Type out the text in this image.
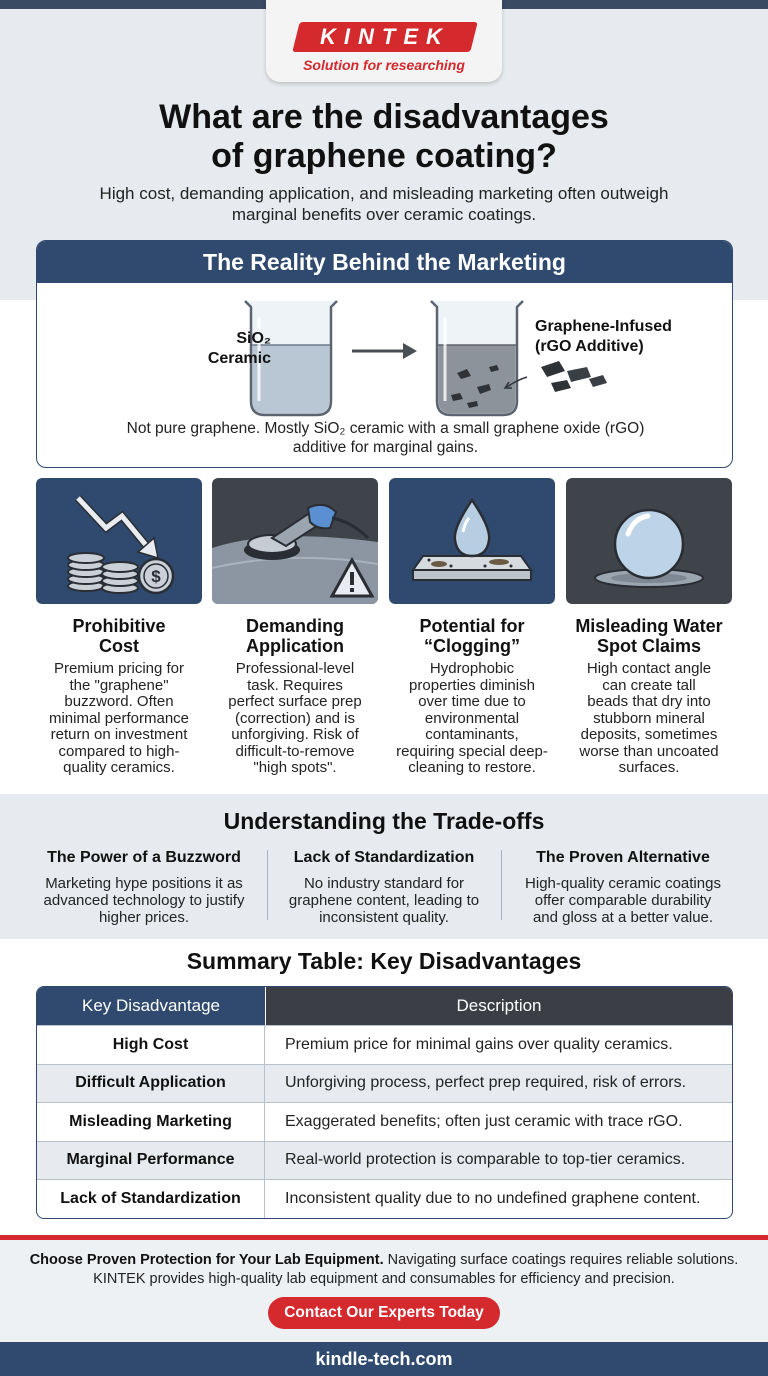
KINTEK
Solution for researching
What are the disadvantages
of graphene coating?
High cost, demanding application, and misleading marketing often outweigh
marginal benefits over ceramic coatings.
The Reality Behind the Marketing
SiO₂
Ceramic
Graphene-Infused
(rGO Additive)
Not pure graphene. Mostly SiO₂ ceramic with a small graphene oxide (rGO)
additive for marginal gains.
$
Prohibitive
Cost
Premium pricing for
the "graphene"
buzzword. Often
minimal performance
return on investment
compared to high-
quality ceramics.
Demanding
Application
Professional-level
task. Requires
perfect surface prep
(correction) and is
unforgiving. Risk of
difficult-to-remove
"high spots".
Potential for
“Clogging”
Hydrophobic
properties diminish
over time due to
environmental
contaminants,
requiring special deep-
cleaning to restore.
Misleading Water
Spot Claims
High contact angle
can create tall
beads that dry into
stubborn mineral
deposits, sometimes
worse than uncoated
surfaces.
Understanding the Trade-offs
The Power of a Buzzword
Marketing hype positions it as
advanced technology to justify
higher prices.
Lack of Standardization
No industry standard for
graphene content, leading to
inconsistent quality.
The Proven Alternative
High-quality ceramic coatings
offer comparable durability
and gloss at a better value.
Summary Table: Key Disadvantages
Key Disadvantage	Description
High Cost	Premium price for minimal gains over quality ceramics.
Difficult Application	Unforgiving process, perfect prep required, risk of errors.
Misleading Marketing	Exaggerated benefits; often just ceramic with trace rGO.
Marginal Performance	Real-world protection is comparable to top-tier ceramics.
Lack of Standardization	Inconsistent quality due to no undefined graphene content.
Choose Proven Protection for Your Lab Equipment. Navigating surface coatings requires reliable solutions.
KINTEK provides high-quality lab equipment and consumables for efficiency and precision.
Contact Our Experts Today
kindle-tech.com
